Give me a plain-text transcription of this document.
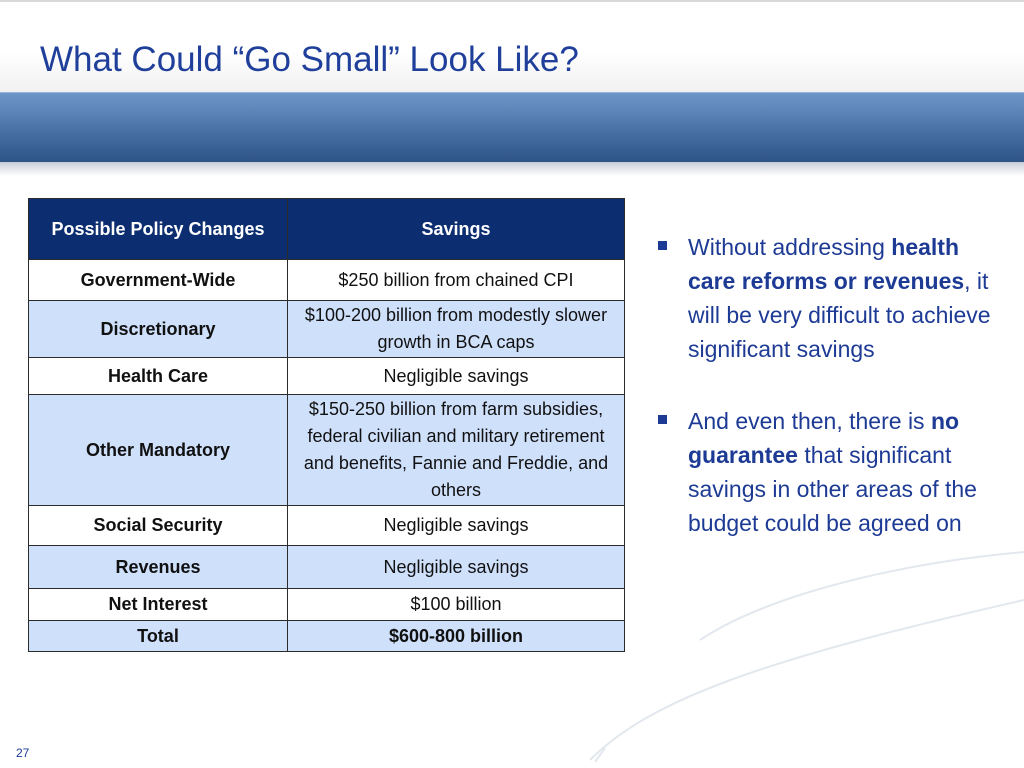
What Could “Go Small” Look Like?
Possible Policy Changes	Savings
Government-Wide	$250 billion from chained CPI
Discretionary	$100-200 billion from modestly slower growth in BCA caps
Health Care	Negligible savings
Other Mandatory	$150-250 billion from farm subsidies, federal civilian and military retirement and benefits, Fannie and Freddie, and others
Social Security	Negligible savings
Revenues	Negligible savings
Net Interest	$100 billion
Total	$600-800 billion
Without addressing health care reforms or revenues, it will be very difficult to achieve significant savings
And even then, there is no guarantee that significant savings in other areas of the budget could be agreed on
27
